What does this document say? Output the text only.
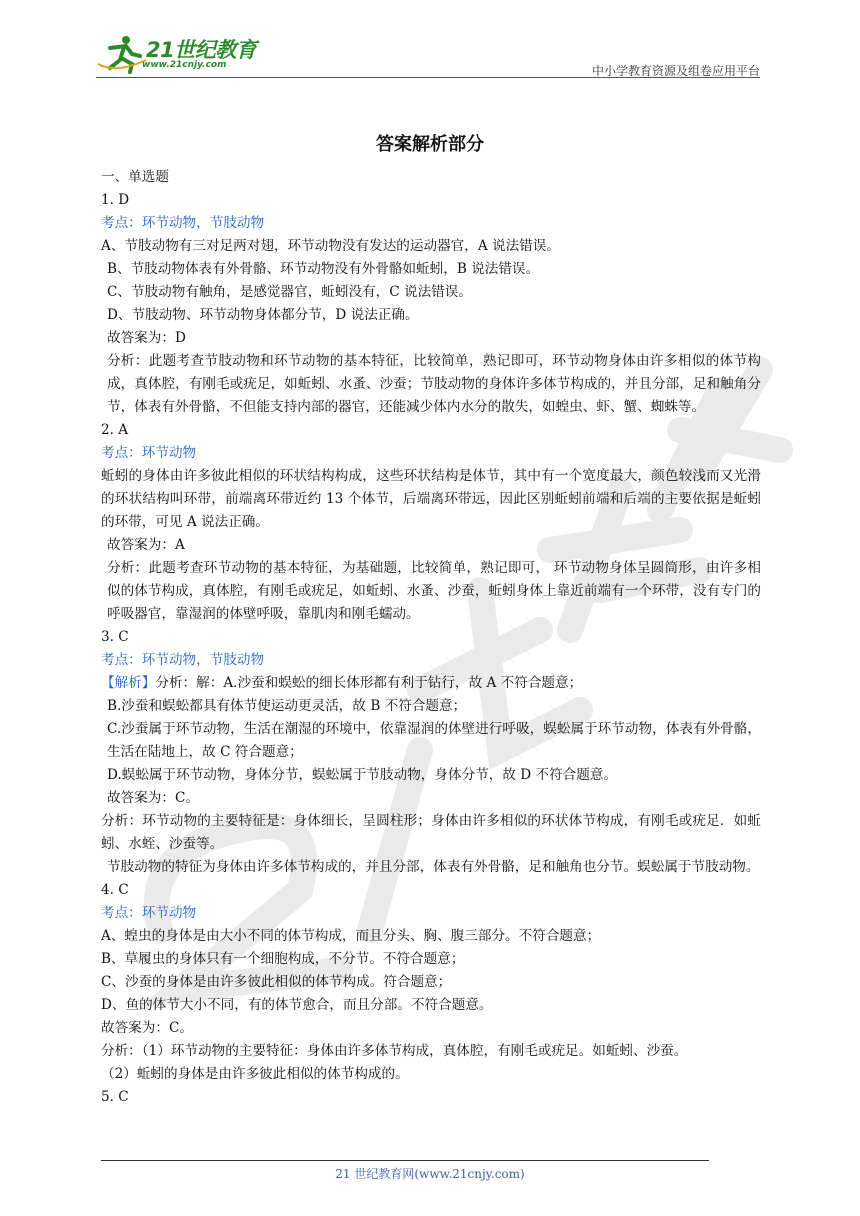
21世纪教育
www.21cnjy.com	中小学教育资源及组卷应用平台
答案解析部分
一、单选题
1. D
考点：环节动物，节肢动物
A、节肢动物有三对足两对翅，环节动物没有发达的运动器官，A 说法错误。
B、节肢动物体表有外骨骼、环节动物没有外骨骼如蚯蚓，B 说法错误。
C、节肢动物有触角，是感觉器官，蚯蚓没有，C 说法错误。
D、节肢动物、环节动物身体都分节，D 说法正确。
故答案为：D
分析：此题考查节肢动物和环节动物的基本特征，比较简单，熟记即可，环节动物身体由许多相似的体节构成，真体腔，有刚毛或疣足，如蚯蚓、水蚤、沙蚕；节肢动物的身体许多体节构成的，并且分部，足和触角分节，体表有外骨骼，不但能支持内部的器官，还能减少体内水分的散失，如蝗虫、虾、蟹、蜘蛛等。
2. A
考点：环节动物
蚯蚓的身体由许多彼此相似的环状结构构成，这些环状结构是体节，其中有一个宽度最大，颜色较浅而又光滑的环状结构叫环带，前端离环带近约 13 个体节，后端离环带远，因此区别蚯蚓前端和后端的主要依据是蚯蚓的环带，可见 A 说法正确。
故答案为：A
分析：此题考查环节动物的基本特征，为基础题，比较简单，熟记即可， 环节动物身体呈圆筒形，由许多相似的体节构成，真体腔，有刚毛或疣足，如蚯蚓、水蚤、沙蚕，蚯蚓身体上靠近前端有一个环带，没有专门的呼吸器官，靠湿润的体壁呼吸，靠肌肉和刚毛蠕动。
3. C
考点：环节动物，节肢动物
【解析】分析：解：A.沙蚕和蜈蚣的细长体形都有利于钻行，故 A 不符合题意；
B.沙蚕和蜈蚣都具有体节使运动更灵活，故 B 不符合题意；
C.沙蚕属于环节动物，生活在潮湿的环境中，依靠湿润的体壁进行呼吸，蜈蚣属于环节动物，体表有外骨骼，生活在陆地上，故 C 符合题意；
D.蜈蚣属于环节动物，身体分节，蜈蚣属于节肢动物，身体分节，故 D 不符合题意。
故答案为：C。
分析：环节动物的主要特征是：身体细长，呈圆柱形；身体由许多相似的环状体节构成，有刚毛或疣足．如蚯蚓、水蛭、沙蚕等。
节肢动物的特征为身体由许多体节构成的，并且分部，体表有外骨骼，足和触角也分节。蜈蚣属于节肢动物。
4. C
考点：环节动物
A、蝗虫的身体是由大小不同的体节构成，而且分头、胸、腹三部分。不符合题意；
B、草履虫的身体只有一个细胞构成，不分节。不符合题意；
C、沙蚕的身体是由许多彼此相似的体节构成。符合题意；
D、鱼的体节大小不同，有的体节愈合，而且分部。不符合题意。
故答案为：C。
分析：（1）环节动物的主要特征：身体由许多体节构成，真体腔，有刚毛或疣足。如蚯蚓、沙蚕。
（2）蚯蚓的身体是由许多彼此相似的体节构成的。
5. C
21 世纪教育网(www.21cnjy.com)
